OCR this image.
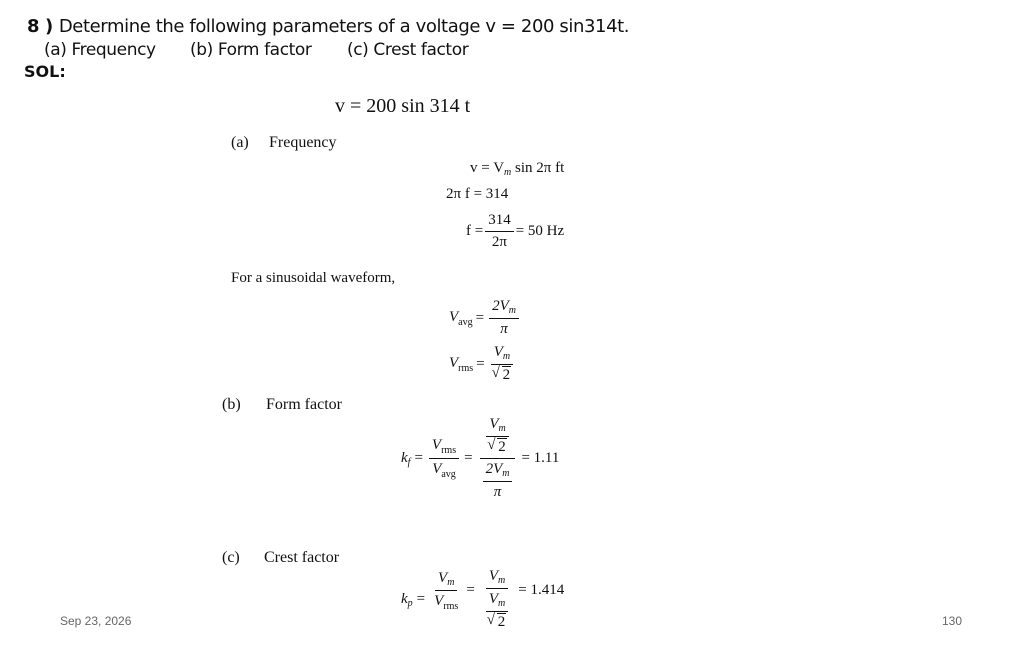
8 ) Determine the following parameters of a voltage v = 200 sin314t.
(a) Frequency (b) Form factor (c) Crest factor
SOL:
v = 200 sin 314 t
(a) Frequency
$v = V_m$ sin 2π ft
2π f = 314
$f = \frac{314}{2\pi} = 50$ Hz
For a sinusoidal waveform,
$V_{avg} = \frac{2V_m}{\pi}$
$V_{rms} = V_m$
√ 2
(b) Form factor
$k_f = \frac{V_{rms}}{V_{avg}} = V_m$
√ 2
$\frac{2V_m}{\pi} = 1.11$
(c) Crest factor
$k_p = \frac{V_m}{V_{rms}} = V_m$
$V_m$
√ 2 = 1.414
Sep 23, 2026	130
